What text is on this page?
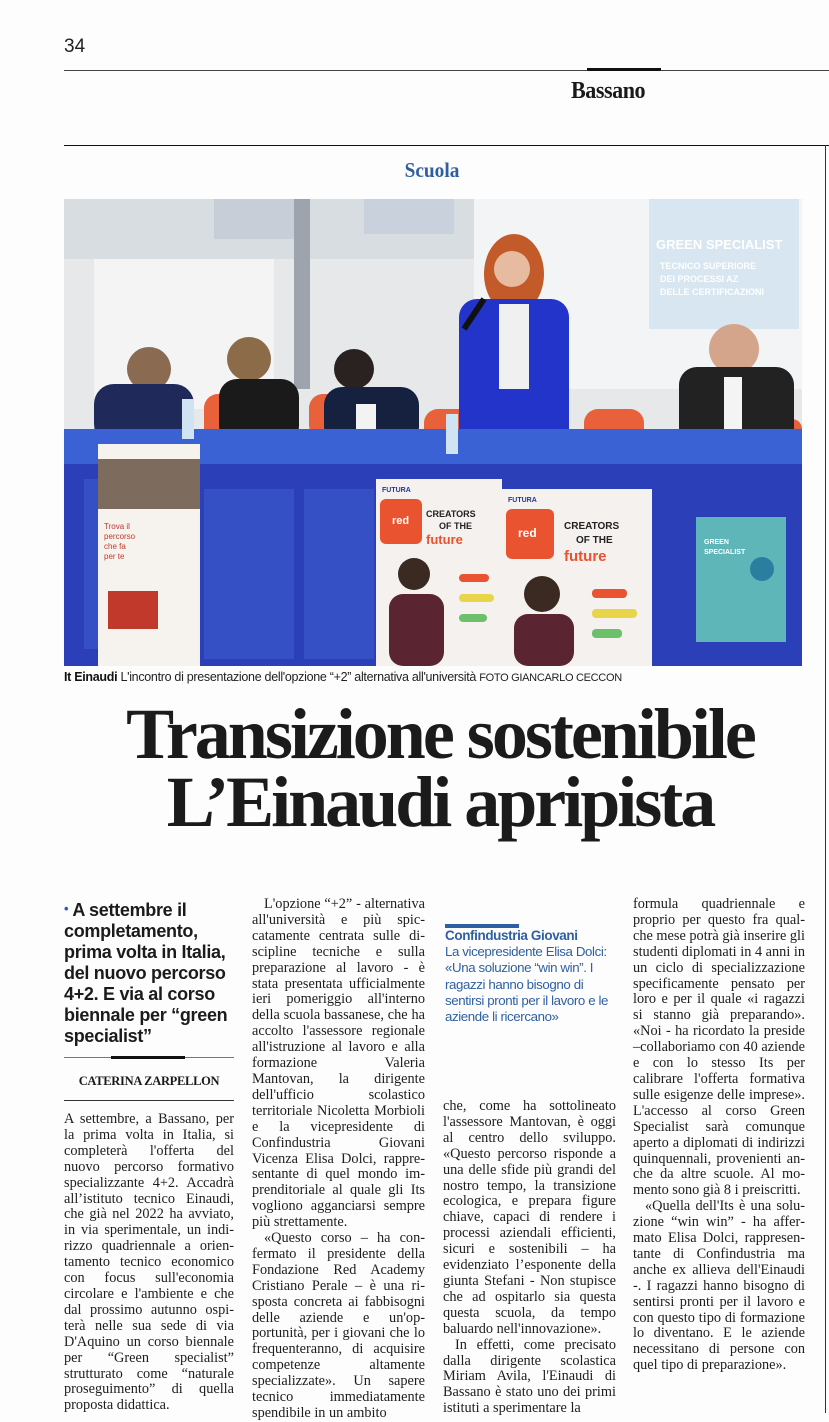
34
Bassano
Scuola
GREEN SPECIALIST
TECNICO SUPERIORE
DEI PROCESSI AZ
DELLE CERTIFICAZIONI
Trova il
percorso
che fa
per te
FUTURA
red
CREATORS
OF THE
future
FUTURA
red	CREATORS
OF THE
future
GREEN
SPECIALIST
It Einaudi L'incontro di presentazione dell'opzione “+2” alternativa all'università FOTO GIANCARLO CECCON
Transizione sostenibile
L’Einaudi apripista
• A settembre il completamento, prima volta in Italia, del nuovo percorso 4+2. E via al corso biennale per “green specialist”
CATERINA ZARPELLON

A settembre, a Bassano, per la prima volta in Italia, si completerà l'offerta del nuovo percorso formativo specializzante 4+2. Accadrà all’istituto tecnico Einaudi, che già nel 2022 ha avviato, in via sperimentale, un indirizzo quadriennale a orientamento tecnico economico con focus sull'economia circolare e l'ambiente e che dal prossimo autunno ospiterà nelle sua sede di via D'Aquino un corso biennale per “Green specialist” strutturato come “naturale proseguimento” di quella proposta didattica.

L'opzione “+2” - alternativa all'università e più spiccatamente centrata sulle discipline tecniche e sulla preparazione al lavoro - è stata presentata ufficialmente ieri pomeriggio all'interno della scuola bassanese, che ha accolto l'assessore regionale all'istruzione al lavoro e alla formazione Valeria Mantovan, la dirigente dell'ufficio scolastico territoriale Nicoletta Morbioli e la vicepresidente di Confindustria Giovani Vicenza Elisa Dolci, rappresentante di quel mondo imprenditoriale al quale gli Its vogliono agganciarsi sempre più strettamente.

«Questo corso – ha confermato il presidente della Fondazione Red Academy Cristiano Perale – è una risposta concreta ai fabbisogni delle aziende e un'opportunità, per i giovani che lo frequenteranno, di acquisire competenze altamente specializzate». Un sapere tecnico immediatamente spendibile in un ambito

Confindustria Giovani
La vicepresidente Elisa Dolci: «Una soluzione “win win”. I ragazzi hanno bisogno di sentirsi pronti per il lavoro e le aziende li ricercano»

che, come ha sottolineato l'assessore Mantovan, è oggi al centro dello sviluppo. «Questo percorso risponde a una delle sfide più grandi del nostro tempo, la transizione ecologica, e prepara figure chiave, capaci di rendere i processi aziendali efficienti, sicuri e sostenibili – ha evidenziato l’esponente della giunta Stefani - Non stupisce che ad ospitarlo sia questa questa scuola, da tempo baluardo nell'innovazione».

In effetti, come precisato dalla dirigente scolastica Miriam Avila, l'Einaudi di Bassano è stato uno dei primi istituti a sperimentare la

formula quadriennale e proprio per questo fra qualche mese potrà già inserire gli studenti diplomati in 4 anni in un ciclo di specializzazione specificamente pensato per loro e per il quale «i ragazzi si stanno già preparando». «Noi - ha ricordato la preside –collaboriamo con 40 aziende e con lo stesso Its per calibrare l'offerta formativa sulle esigenze delle imprese». L'accesso al corso Green Specialist sarà comunque aperto a diplomati di indirizzi quinquennali, provenienti anche da altre scuole. Al momento sono già 8 i preiscritti.

«Quella dell'Its è una soluzione “win win” - ha affermato Elisa Dolci, rappresentante di Confindustria ma anche ex allieva dell'Einaudi -. I ragazzi hanno bisogno di sentirsi pronti per il lavoro e con questo tipo di formazione lo diventano. E le aziende necessitano di persone con quel tipo di preparazione».
